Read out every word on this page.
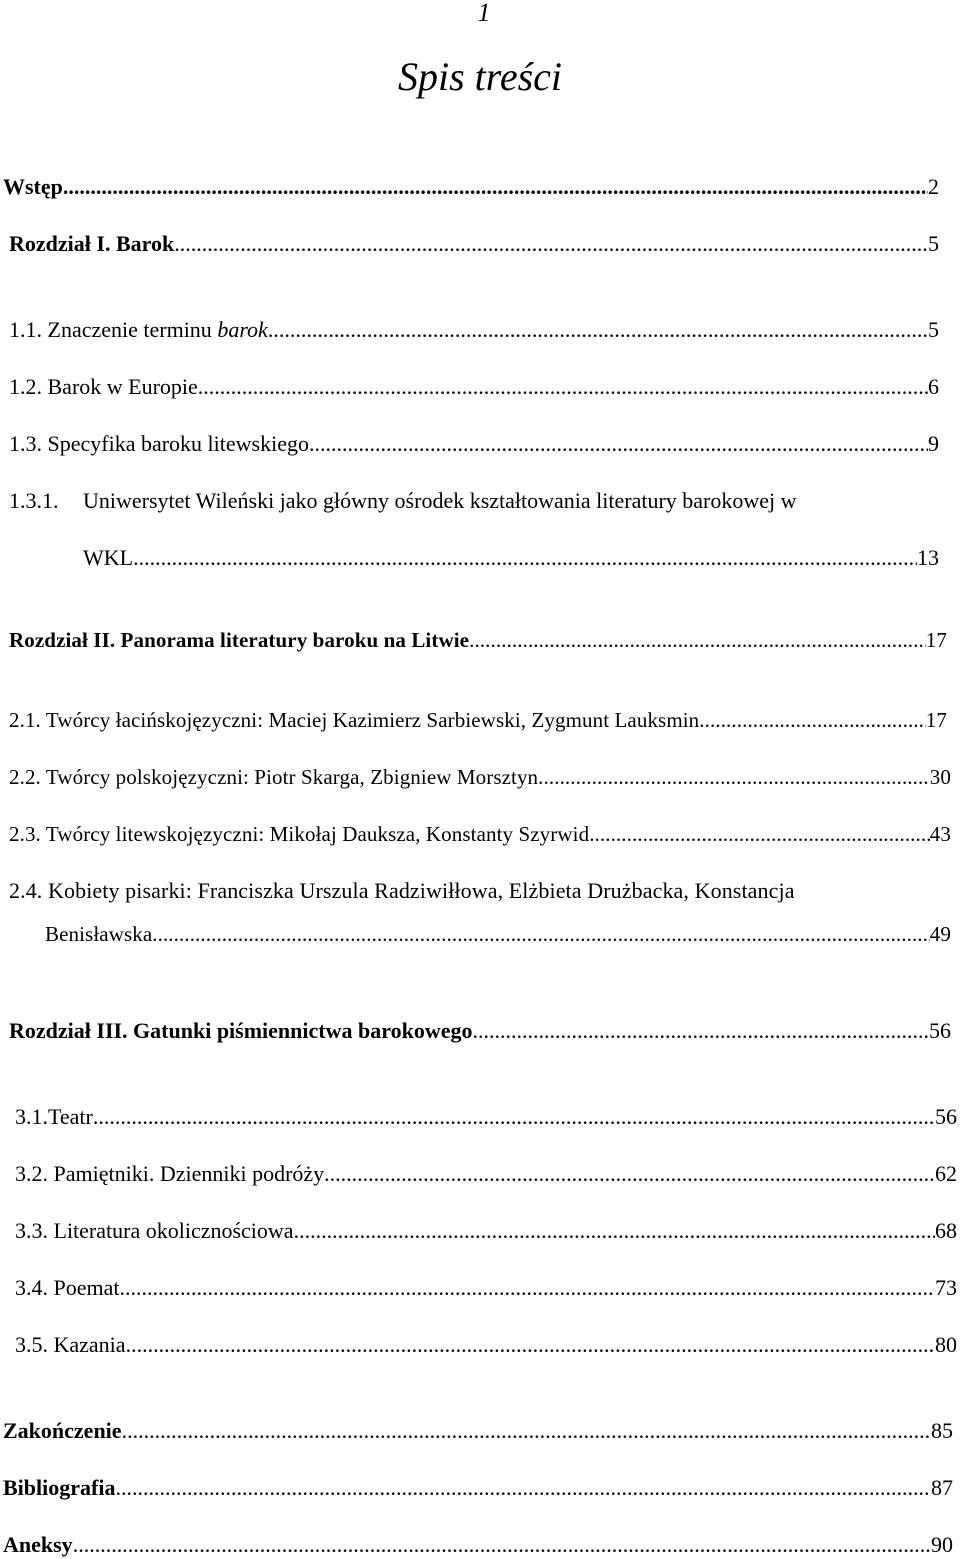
1
Spis treści
Wstęp .....	2
Rozdział I. Barok .....	5
1.1. Znaczenie terminu barok .....	5
1.2. Barok w Europie .....	6
1.3. Specyfika baroku litewskiego .....	9
1.3.1. Uniwersytet Wileński jako główny ośrodek kształtowania literatury barokowej w
WKL .....	13
Rozdział II. Panorama literatury baroku na Litwie .....	17
2.1. Twórcy łacińskojęzyczni: Maciej Kazimierz Sarbiewski, Zygmunt Lauksmin .....	17
2.2. Twórcy polskojęzyczni: Piotr Skarga, Zbigniew Morsztyn .....	30
2.3. Twórcy litewskojęzyczni: Mikołaj Dauksza, Konstanty Szyrwid .....	43
2.4. Kobiety pisarki: Franciszka Urszula Radziwiłłowa, Elżbieta Drużbacka, Konstancja
Benisławska .....	49
Rozdział III. Gatunki piśmiennictwa barokowego .....	56
3.1.Teatr .....	56
3.2. Pamiętniki. Dzienniki podróży .....	62
3.3. Literatura okolicznościowa .....	68
3.4. Poemat .....	73
3.5. Kazania .....	80
Zakończenie .....	85
Bibliografia .....	87
Aneksy .....	90
